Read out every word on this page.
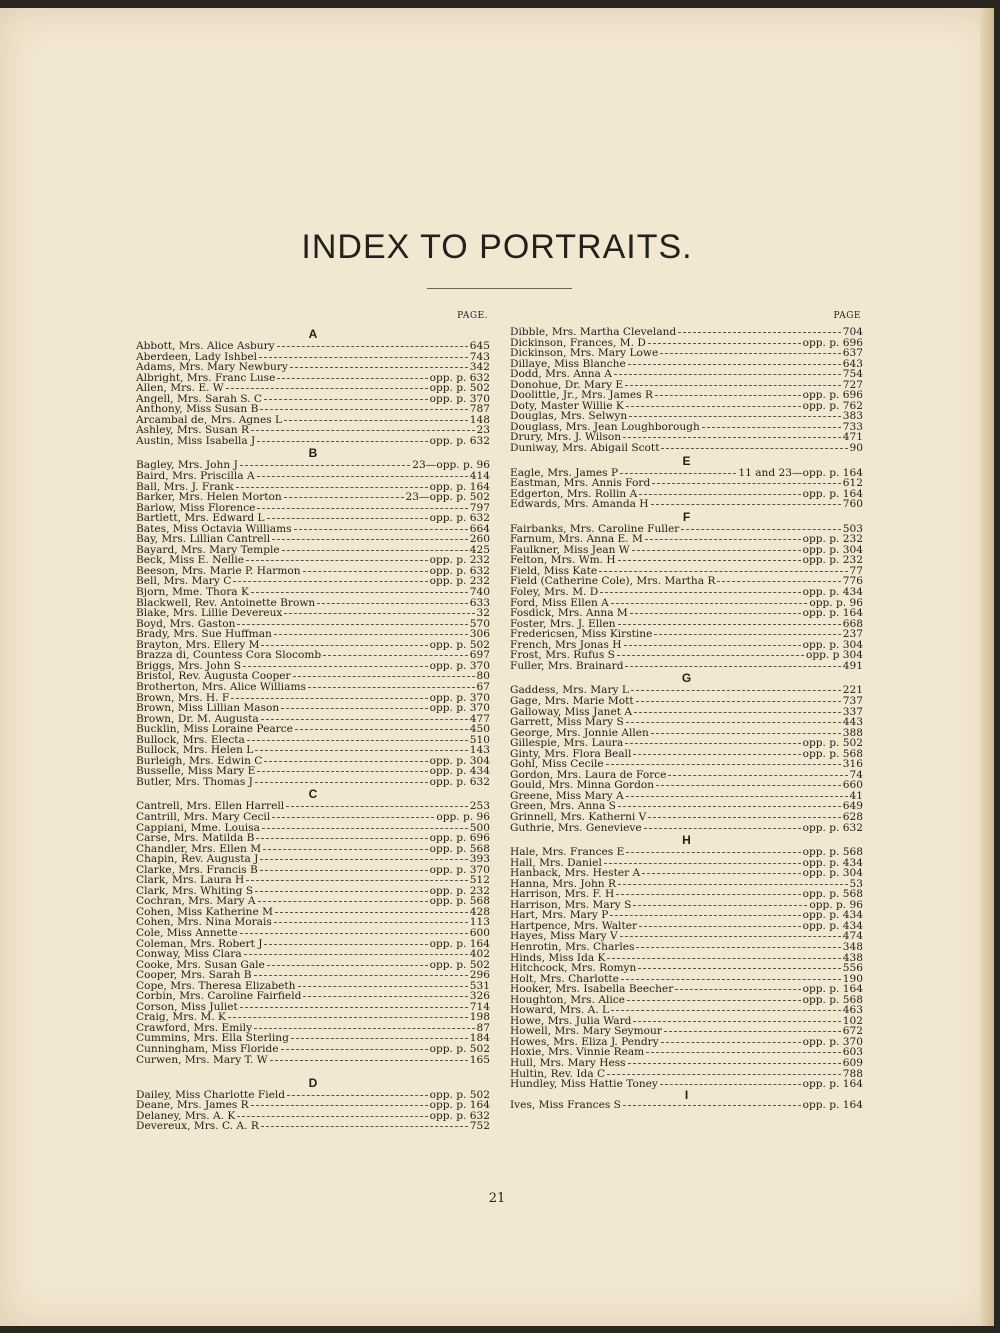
INDEX TO PORTRAITS.
PAGE.
A
Abbott, Mrs. Alice Asbury	645
Aberdeen, Lady Ishbel	743
Adams, Mrs. Mary Newbury	342
Albright, Mrs. Franc Luse	opp. p. 632
Allen, Mrs. E. W	opp. p. 502
Angell, Mrs. Sarah S. C	opp. p. 370
Anthony, Miss Susan B	787
Arcambal de, Mrs. Agnes L	148
Ashley, Mrs. Susan R	23
Austin, Miss Isabella J	opp. p. 632
B
Bagley, Mrs. John J	23—opp. p. 96
Baird, Mrs. Priscilla A	414
Ball, Mrs. J. Frank	opp. p. 164
Barker, Mrs. Helen Morton	23—opp. p. 502
Barlow, Miss Florence	797
Bartlett, Mrs. Edward L	opp. p. 632
Bates, Miss Octavia Williams	664
Bay, Mrs. Lillian Cantrell	260
Bayard, Mrs. Mary Temple	425
Beck, Miss E. Nellie	opp. p. 232
Beeson, Mrs. Marie P. Harmon	opp. p. 632
Bell, Mrs. Mary C	opp. p. 232
Bjorn, Mme. Thora K	740
Blackwell, Rev. Antoinette Brown	633
Blake, Mrs. Lillie Devereux	32
Boyd, Mrs. Gaston	570
Brady, Mrs. Sue Huffman	306
Brayton, Mrs. Ellery M	opp. p. 502
Brazza di, Countess Cora Slocomb	697
Briggs, Mrs. John S	opp. p. 370
Bristol, Rev. Augusta Cooper	80
Brotherton, Mrs. Alice Williams	67
Brown, Mrs. H. F	opp. p. 370
Brown, Miss Lillian Mason	opp. p. 370
Brown, Dr. M. Augusta	477
Bucklin, Miss Loraine Pearce	450
Bullock, Mrs. Electa	510
Bullock, Mrs. Helen L	143
Burleigh, Mrs. Edwin C	opp. p. 304
Busselle, Miss Mary E	opp. p. 434
Butler, Mrs. Thomas J	opp. p. 632
C
Cantrell, Mrs. Ellen Harrell	253
Cantrill, Mrs. Mary Cecil	opp. p. 96
Cappiani, Mme. Louisa	500
Carse, Mrs. Matilda B	opp. p. 696
Chandler, Mrs. Ellen M	opp. p. 568
Chapin, Rev. Augusta J	393
Clarke, Mrs. Francis B	opp. p. 370
Clark, Mrs. Laura H	512
Clark, Mrs. Whiting S	opp. p. 232
Cochran, Mrs. Mary A	opp. p. 568
Cohen, Miss Katherine M	428
Cohen, Mrs. Nina Morais	113
Cole, Miss Annette	600
Coleman, Mrs. Robert J	opp. p. 164
Conway, Miss Clara	402
Cooke, Mrs. Susan Gale	opp. p. 502
Cooper, Mrs. Sarah B	296
Cope, Mrs. Theresa Elizabeth	531
Corbin, Mrs. Caroline Fairfield	326
Corson, Miss Juliet	714
Craig, Mrs. M. K	198
Crawford, Mrs. Emily	87
Cummins, Mrs. Ella Sterling	184
Cunningham, Miss Floride	opp. p. 502
Curwen, Mrs. Mary T. W	165
D
Dailey, Miss Charlotte Field	opp. p. 502
Deane, Mrs. James R	opp. p. 164
Delaney, Mrs. A. K	opp. p. 632
Devereux, Mrs. C. A. R	752
PAGE
Dibble, Mrs. Martha Cleveland	704
Dickinson, Frances, M. D	opp. p. 696
Dickinson, Mrs. Mary Lowe	637
Dillaye, Miss Blanche	643
Dodd, Mrs. Anna A	754
Donohue, Dr. Mary E	727
Doolittle, Jr., Mrs. James R	opp. p. 696
Doty, Master Willie K	opp. p. 762
Douglas, Mrs. Selwyn	383
Douglass, Mrs. Jean Loughborough	733
Drury, Mrs. J. Wilson	471
Duniway, Mrs. Abigail Scott	90
E
Eagle, Mrs. James P	11 and 23—opp. p. 164
Eastman, Mrs. Annis Ford	612
Edgerton, Mrs. Rollin A	opp. p. 164
Edwards, Mrs. Amanda H	760
F
Fairbanks, Mrs. Caroline Fuller	503
Farnum, Mrs. Anna E. M	opp. p. 232
Faulkner, Miss Jean W	opp. p. 304
Felton, Mrs. Wm. H	opp. p. 232
Field, Miss Kate	77
Field (Catherine Cole), Mrs. Martha R	776
Foley, Mrs. M. D	opp. p. 434
Ford, Miss Ellen A	opp. p. 96
Fosdick, Mrs. Anna M	opp. p. 164
Foster, Mrs. J. Ellen	668
Fredericsen, Miss Kirstine	237
French, Mrs Jonas H	opp. p. 304
Frost, Mrs. Rufus S	opp. p 304
Fuller, Mrs. Brainard	491
G
Gaddess, Mrs. Mary L	221
Gage, Mrs. Marie Mott	737
Galloway, Miss Janet A	337
Garrett, Miss Mary S	443
George, Mrs. Jonnie Allen	388
Gillespie, Mrs. Laura	opp. p. 502
Ginty, Mrs. Flora Beall	opp. p. 568
Gohl, Miss Cecile	316
Gordon, Mrs. Laura de Force	74
Gould, Mrs. Minna Gordon	660
Greene, Miss Mary A	41
Green, Mrs. Anna S	649
Grinnell, Mrs. Katherni V	628
Guthrie, Mrs. Genevieve	opp. p. 632
H
Hale, Mrs. Frances E	opp. p. 568
Hall, Mrs. Daniel	opp. p. 434
Hanback, Mrs. Hester A	opp. p. 304
Hanna, Mrs. John R	53
Harrison, Mrs. F. H	opp. p. 568
Harrison, Mrs. Mary S	opp. p. 96
Hart, Mrs. Mary P	opp. p. 434
Hartpence, Mrs. Walter	opp. p. 434
Hayes, Miss Mary V	474
Henrotin, Mrs. Charles	348
Hinds, Miss Ida K	438
Hitchcock, Mrs. Romyn	556
Holt, Mrs. Charlotte	190
Hooker, Mrs. Isabella Beecher	opp. p. 164
Houghton, Mrs. Alice	opp. p. 568
Howard, Mrs. A. L	463
Howe, Mrs. Julia Ward	102
Howell, Mrs. Mary Seymour	672
Howes, Mrs. Eliza J. Pendry	opp. p. 370
Hoxie, Mrs. Vinnie Ream	603
Hull, Mrs. Mary Hess	609
Hultin, Rev. Ida C	788
Hundley, Miss Hattie Toney	opp. p. 164
I
Ives, Miss Frances S	opp. p. 164
21
